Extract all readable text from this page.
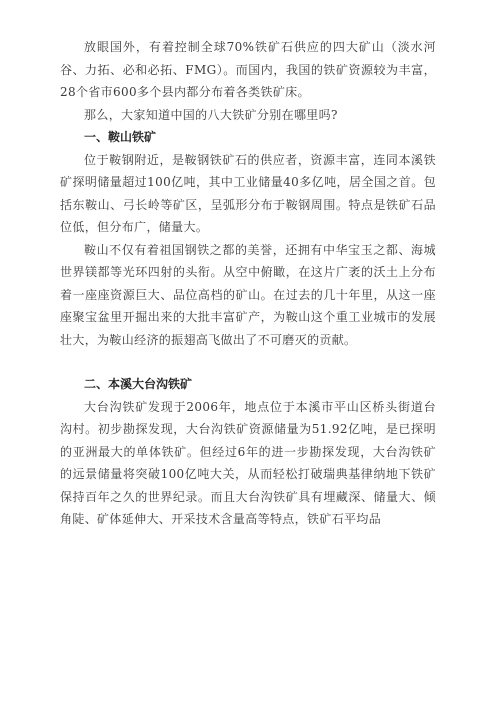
放眼国外，有着控制全球70%铁矿石供应的四大矿山（淡水河谷、力拓、必和必拓、FMG）。而国内，我国的铁矿资源较为丰富，28个省市600多个县内都分布着各类铁矿床。

那么，大家知道中国的八大铁矿分别在哪里吗?

一、鞍山铁矿

位于鞍钢附近，是鞍钢铁矿石的供应者，资源丰富，连同本溪铁矿探明储量超过100亿吨，其中工业储量40多亿吨，居全国之首。包括东鞍山、弓长岭等矿区，呈弧形分布于鞍钢周围。特点是铁矿石品位低，但分布广，储量大。

鞍山不仅有着祖国钢铁之都的美誉，还拥有中华宝玉之都、海城世界镁都等光环四射的头衔。从空中俯瞰，在这片广袤的沃土上分布着一座座资源巨大、品位高档的矿山。在过去的几十年里，从这一座座聚宝盆里开掘出来的大批丰富矿产，为鞍山这个重工业城市的发展壮大，为鞍山经济的振翅高飞做出了不可磨灭的贡献。

二、本溪大台沟铁矿

大台沟铁矿发现于2006年，地点位于本溪市平山区桥头街道台沟村。初步勘探发现，大台沟铁矿资源储量为51.92亿吨，是已探明的亚洲最大的单体铁矿。但经过6年的进一步勘探发现，大台沟铁矿的远景储量将突破100亿吨大关，从而轻松打破瑞典基律纳地下铁矿保持百年之久的世界纪录。而且大台沟铁矿具有埋藏深、储量大、倾角陡、矿体延伸大、开采技术含量高等特点，铁矿石平均品
